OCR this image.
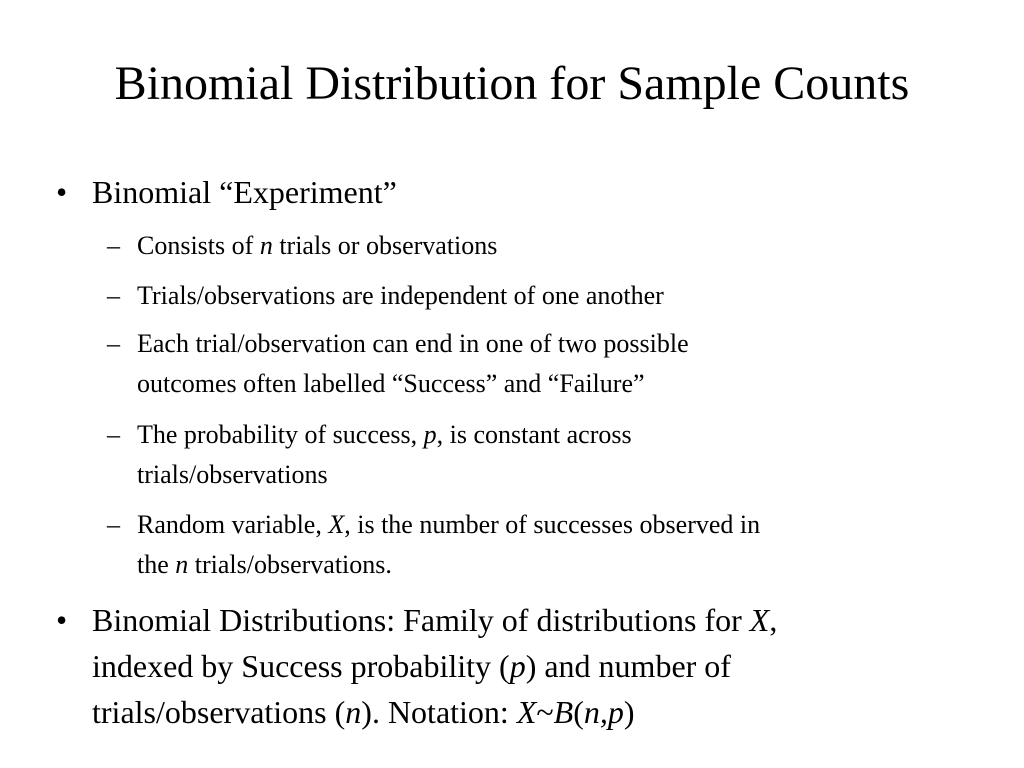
Binomial Distribution for Sample Counts
• Binomial “Experiment”
– Consists of n trials or observations
– Trials/observations are independent of one another
– Each trial/observation can end in one of two possible
outcomes often labelled “Success” and “Failure”
– The probability of success, p, is constant across
trials/observations
– Random variable, X, is the number of successes observed in
the n trials/observations.
• Binomial Distributions: Family of distributions for X,
indexed by Success probability (p) and number of
trials/observations (n). Notation: X~B(n,p)
